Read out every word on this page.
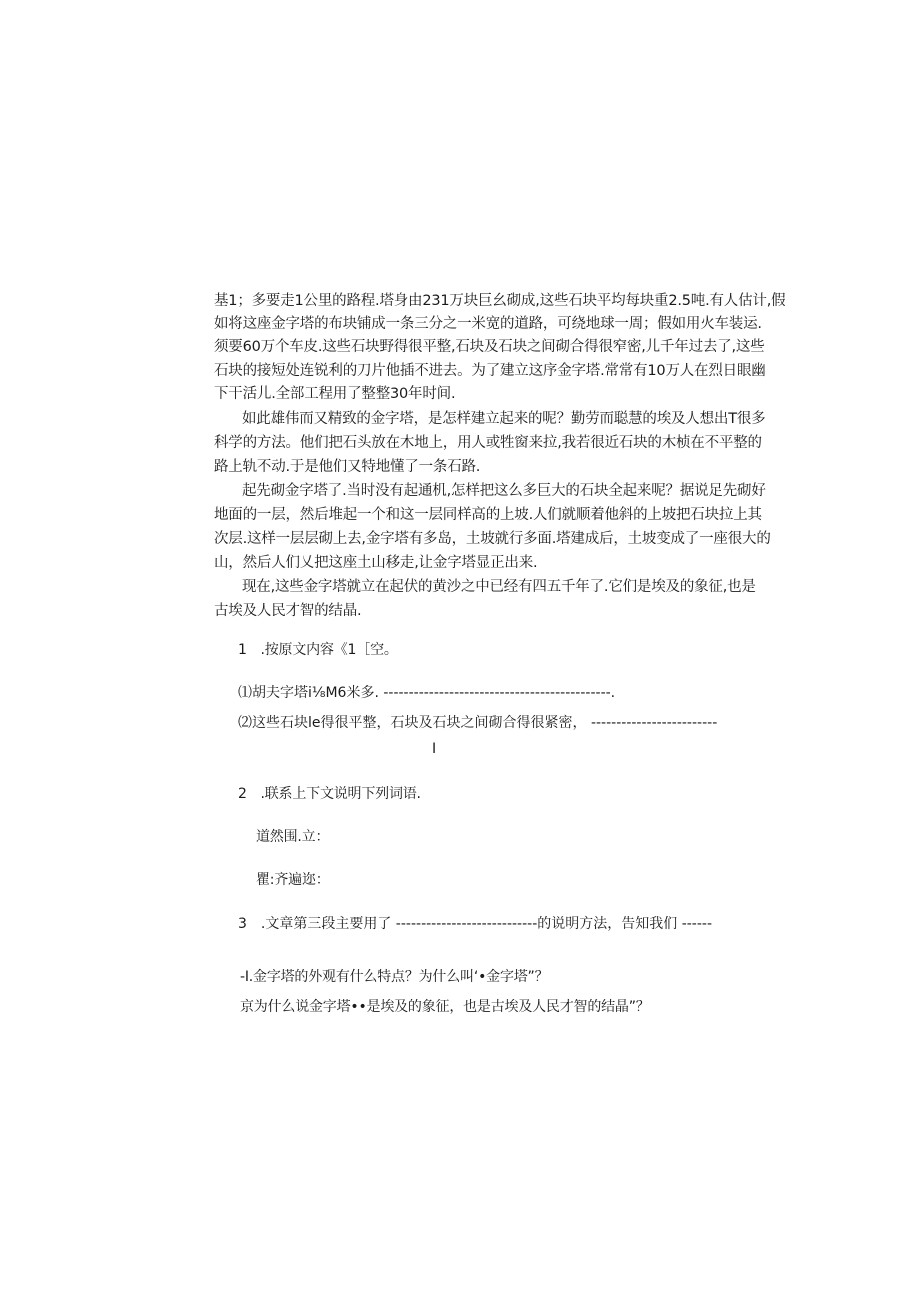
基1；多要走1公里的路程.塔身由231万块巨幺砌成,这些石块平均每块重2.5吨.有人估计,假
如将这座金字塔的布块铺成一条三分之一米宽的道路，可绕地球一周；假如用火车装运.
须要60万个车皮.这些石块野得很平整,石块及石块之间砌合得很窄密,儿千年过去了,这些
石块的接短处连锐利的刀片他插不进去。为了建立这序金字塔.常常有10万人在烈日眼幽
下干活儿.全部工程用了整整30年时间.
如此雄伟而又精致的金字塔，是怎样建立起来的呢？勤劳而聪慧的埃及人想出T很多
科学的方法。他们把石头放在木地上，用人或牲窗来拉,我若很近石块的木桢在不平整的
路上轨不动.于是他们又特地懂了一条石路.
起先砌金字塔了.当时没有起通机,怎样把这么多巨大的石块全起来呢？据说足先砌好
地面的一层，然后堆起一个和这一层同样高的上坡.人们就顺着他斜的上坡把石块拉上其
次层.这样一层层砌上去,金字塔有多岛，土坡就行多面.塔建成后，土坡变成了一座很大的
山，然后人们乂把这座土山移走,让金字塔显正出来.
现在,这些金字塔就立在起伏的黄沙之中已经有四五千年了.它们是埃及的象征,也是
古埃及人民才智的结晶.
1　.按原文内容《1［空。
⑴胡夫字塔i⅛M6米多. ---------------------------------------------.
⑵这些石块le得很平整，石块及石块之间砌合得很紧密， -------------------------
I
2　.联系上下文说明下列词语.
道然围.立：
瞿:齐遍迩：
3　.文章第三段主要用了 ----------------------------的说明方法，告知我们 ------
-I.金字塔的外观有什么特点？为什么叫‘•金字塔”？
京为什么说金字塔••是埃及的象征，也是古埃及人民才智的结晶”？
